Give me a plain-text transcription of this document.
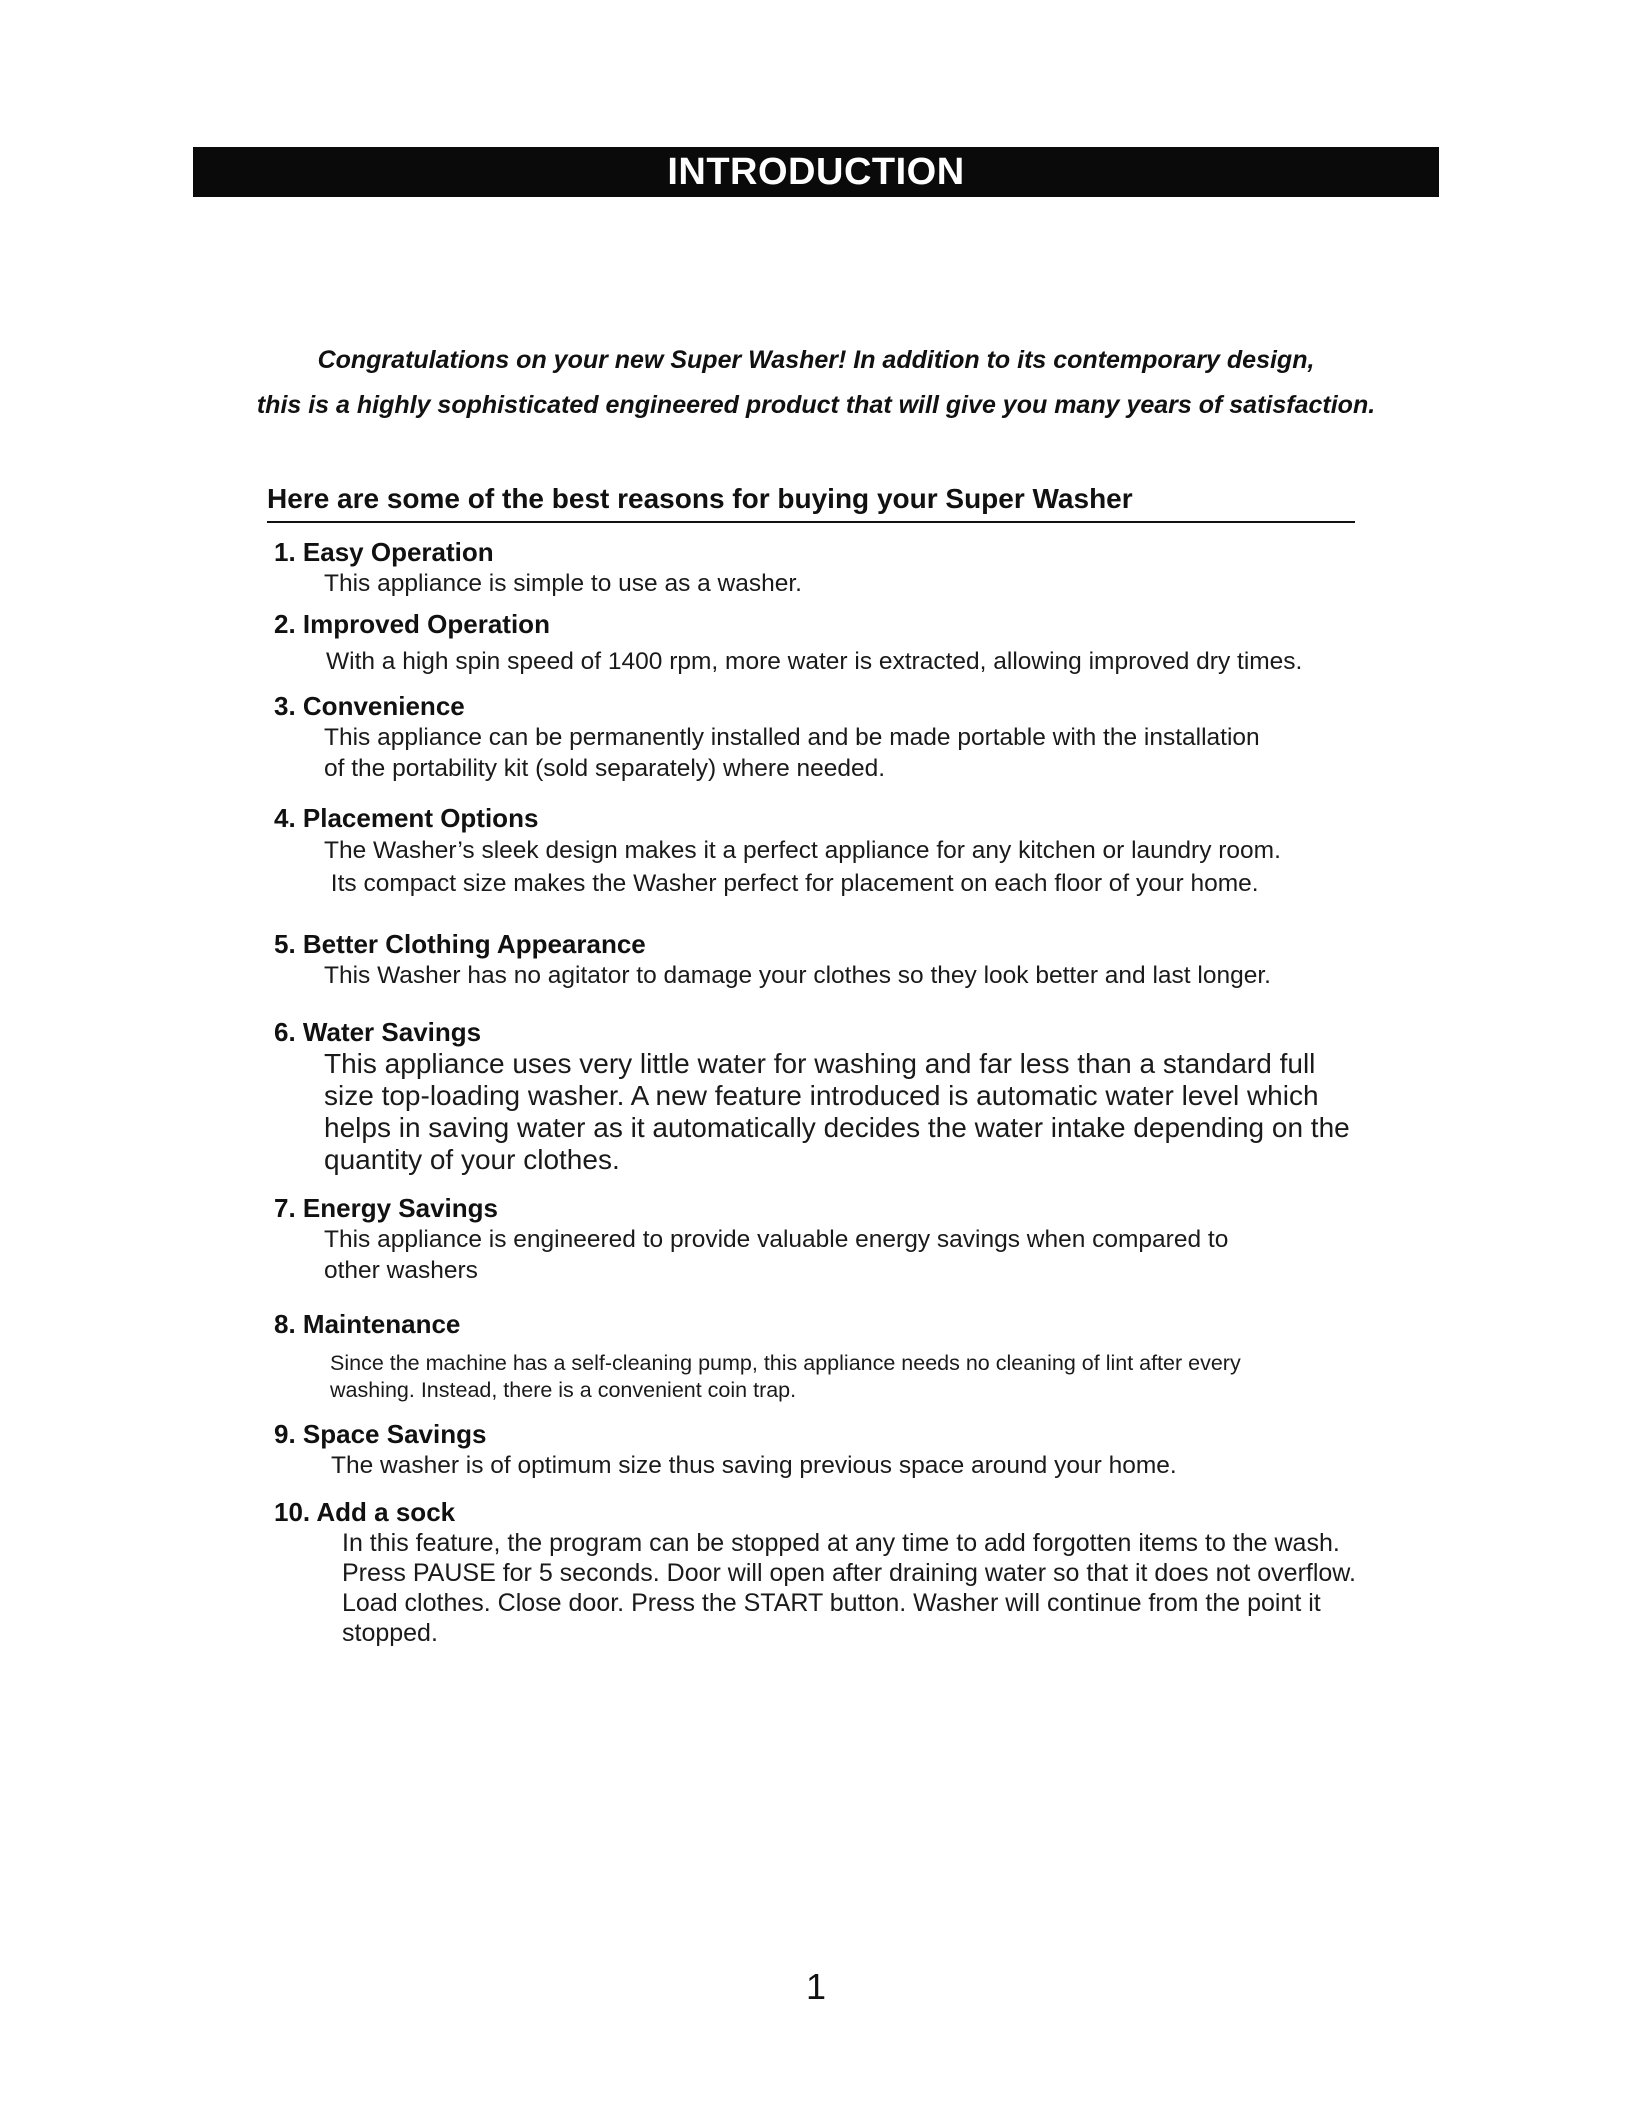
INTRODUCTION
Congratulations on your new Super Washer! In addition to its contemporary design,
this is a highly sophisticated engineered product that will give you many years of satisfaction.
Here are some of the best reasons for buying your Super Washer
1. Easy Operation
This appliance is simple to use as a washer.
2. Improved Operation
With a high spin speed of 1400 rpm, more water is extracted, allowing improved dry times.
3. Convenience
This appliance can be permanently installed and be made portable with the installation
of the portability kit (sold separately) where needed.
4. Placement Options
The Washer’s sleek design makes it a perfect appliance for any kitchen or laundry room.
Its compact size makes the Washer perfect for placement on each floor of your home.
5. Better Clothing Appearance
This Washer has no agitator to damage your clothes so they look better and last longer.
6. Water Savings
This appliance uses very little water for washing and far less than a standard full
size top-loading washer. A new feature introduced is automatic water level which
helps in saving water as it automatically decides the water intake depending on the
quantity of your clothes.
7. Energy Savings
This appliance is engineered to provide valuable energy savings when compared to
other washers
8. Maintenance
Since the machine has a self-cleaning pump, this appliance needs no cleaning of lint after every
washing. Instead, there is a convenient coin trap.
9. Space Savings
The washer is of optimum size thus saving previous space around your home.
10. Add a sock
In this feature, the program can be stopped at any time to add forgotten items to the wash.
Press PAUSE for 5 seconds. Door will open after draining water so that it does not overflow.
Load clothes. Close door. Press the START button. Washer will continue from the point it
stopped.
1
